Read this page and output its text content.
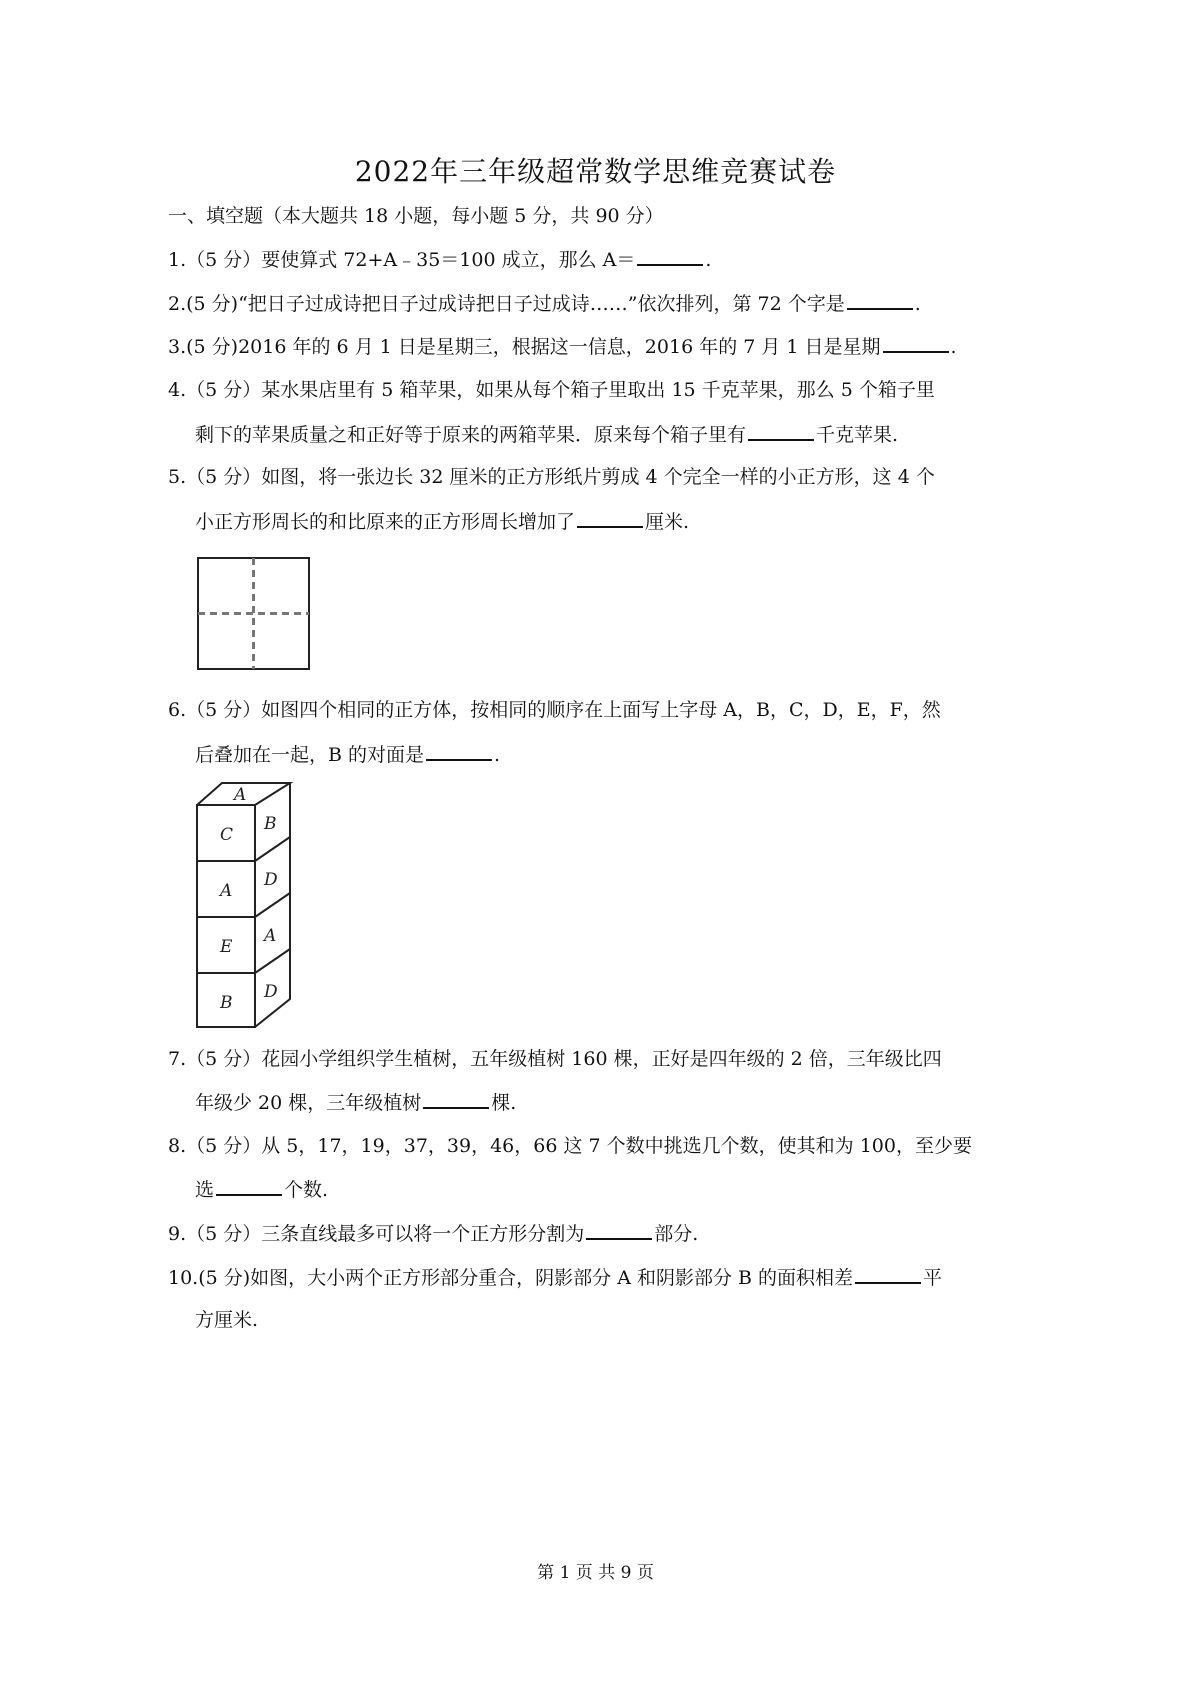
2022年三年级超常数学思维竞赛试卷
一、填空题（本大题共 18 小题，每小题 5 分，共 90 分）
1.（5 分）要使算式 72+A﹣35＝100 成立，那么 A＝	.
2.(5 分)“把日子过成诗把日子过成诗把日子过成诗……”依次排列，第 72 个字是	.
3.(5 分)2016 年的 6 月 1 日是星期三，根据这一信息，2016 年的 7 月 1 日是星期	.
4.（5 分）某水果店里有 5 箱苹果，如果从每个箱子里取出 15 千克苹果，那么 5 个箱子里
剩下的苹果质量之和正好等于原来的两箱苹果．原来每个箱子里有	千克苹果.
5.（5 分）如图，将一张边长 32 厘米的正方形纸片剪成 4 个完全一样的小正方形，这 4 个
小正方形周长的和比原来的正方形周长增加了	厘米.
6.（5 分）如图四个相同的正方体，按相同的顺序在上面写上字母 A，B，C，D，E，F，然
后叠加在一起，B 的对面是	.
A
C
A
E
B
B
D
A
D
7.（5 分）花园小学组织学生植树，五年级植树 160 棵，正好是四年级的 2 倍，三年级比四
年级少 20 棵，三年级植树	棵.
8.（5 分）从 5，17，19，37，39，46，66 这 7 个数中挑选几个数，使其和为 100，至少要
选	个数.
9.（5 分）三条直线最多可以将一个正方形分割为	部分.
10.(5 分)如图，大小两个正方形部分重合，阴影部分 A 和阴影部分 B 的面积相差	平
方厘米.
第 1 页 共 9 页
